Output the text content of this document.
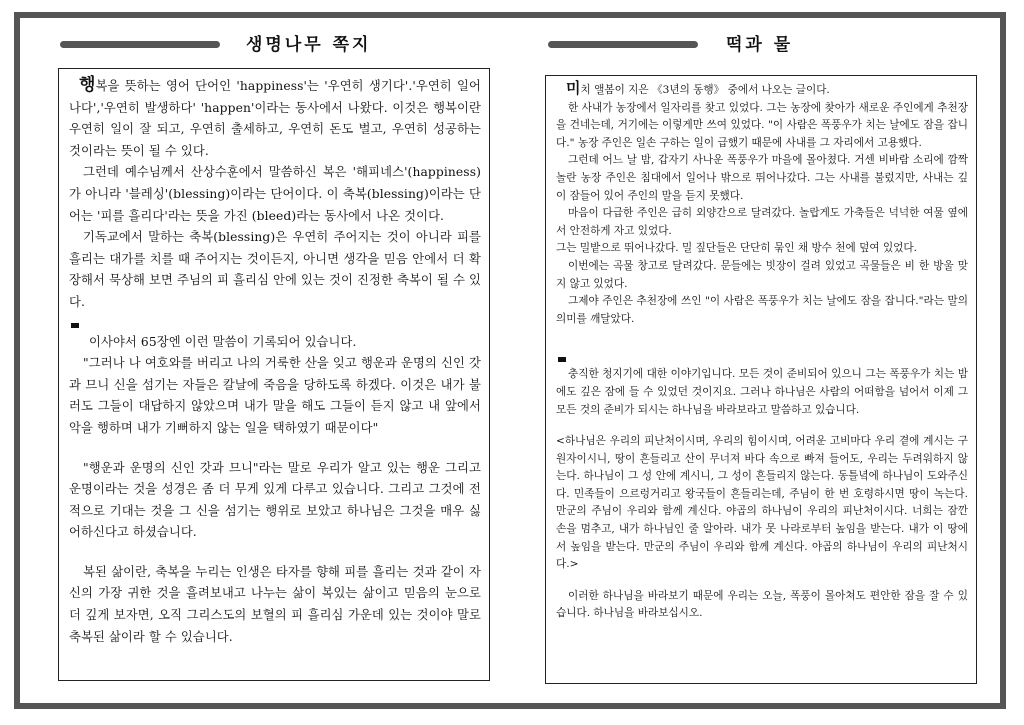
생명나무 쪽지	떡과 물

행복을 뜻하는 영어 단어인 'happiness'는 '우연히 생기다'.'우연히 일어나다','우연히 발생하다' 'happen'이라는 동사에서 나왔다. 이것은 행복이란 우연히 일이 잘 되고, 우연히 출세하고, 우연히 돈도 벌고, 우연히 성공하는 것이라는 뜻이 될 수 있다.

그런데 예수님께서 산상수훈에서 말씀하신 복은 '해피네스'(happiness)가 아니라 '블레싱'(blessing)이라는 단어이다. 이 축복(blessing)이라는 단어는 '피를 흘리다'라는 뜻을 가진 (bleed)라는 동사에서 나온 것이다.

기독교에서 말하는 축복(blessing)은 우연히 주어지는 것이 아니라 피를 흘리는 대가를 치를 때 주어지는 것이든지, 아니면 생각을 믿음 안에서 더 확장해서 묵상해 보면 주님의 피 흘리심 안에 있는 것이 진정한 축복이 될 수 있다.

이사야서 65장엔 이런 말씀이 기록되어 있습니다.

"그러나 나 여호와를 버리고 나의 거룩한 산을 잊고 행운과 운명의 신인 갓과 므니 신을 섬기는 자들은 칼날에 죽음을 당하도록 하겠다. 이것은 내가 불러도 그들이 대답하지 않았으며 내가 말을 해도 그들이 듣지 않고 내 앞에서 악을 행하며 내가 기뻐하지 않는 일을 택하였기 때문이다"

"행운과 운명의 신인 갓과 므니"라는 말로 우리가 알고 있는 행운 그리고 운명이라는 것을 성경은 좀 더 무게 있게 다루고 있습니다. 그리고 그것에 전적으로 기대는 것을 그 신을 섬기는 행위로 보았고 하나님은 그것을 매우 싫어하신다고 하셨습니다.

복된 삶이란, 축복을 누리는 인생은 타자를 향해 피를 흘리는 것과 같이 자신의 가장 귀한 것을 흘려보내고 나누는 삶이 복있는 삶이고 믿음의 눈으로 더 깊게 보자면, 오직 그리스도의 보혈의 피 흘리심 가운데 있는 것이야 말로 축복된 삶이라 할 수 있습니다.

미치 앨봄이 지은 《3년의 동행》 중에서 나오는 글이다.

한 사내가 농장에서 일자리를 찾고 있었다. 그는 농장에 찾아가 새로운 주인에게 추천장을 건네는데, 거기에는 이렇게만 쓰여 있었다. "이 사람은 폭풍우가 치는 날에도 잠을 잡니다." 농장 주인은 일손 구하는 일이 급했기 때문에 사내를 그 자리에서 고용했다.

그런데 어느 날 밤, 갑자기 사나운 폭풍우가 마을에 몰아쳤다. 거센 비바람 소리에 깜짝 놀란 농장 주인은 침대에서 일어나 밖으로 뛰어나갔다. 그는 사내를 불렀지만, 사내는 깊이 잠들어 있어 주인의 말을 듣지 못했다.

마음이 다급한 주인은 급히 외양간으로 달려갔다. 놀랍게도 가축들은 넉넉한 여물 옆에서 안전하게 자고 있었다.

그는 밀밭으로 뛰어나갔다. 밀 짚단들은 단단히 묶인 채 방수 천에 덮여 있었다.

이번에는 곡물 창고로 달려갔다. 문들에는 빗장이 걸려 있었고 곡물들은 비 한 방울 맞지 않고 있었다.

그제야 주인은 추천장에 쓰인 "이 사람은 폭풍우가 치는 날에도 잠을 잡니다."라는 말의 의미를 깨달았다.

충직한 청지기에 대한 이야기입니다. 모든 것이 준비되어 있으니 그는 폭풍우가 치는 밤에도 깊은 잠에 들 수 있었던 것이지요. 그러나 하나님은 사람의 어떠함을 넘어서 이제 그 모든 것의 준비가 되시는 하나님을 바라보라고 말씀하고 있습니다.

<하나님은 우리의 피난처이시며, 우리의 힘이시며, 어려운 고비마다 우리 곁에 계시는 구원자이시니, 땅이 흔들리고 산이 무너져 바다 속으로 빠져 들어도, 우리는 두려워하지 않는다. 하나님이 그 성 안에 계시니, 그 성이 흔들리지 않는다. 동틀녘에 하나님이 도와주신다. 민족들이 으르렁거리고 왕국들이 흔들리는데, 주님이 한 번 호령하시면 땅이 녹는다. 만군의 주님이 우리와 함께 계신다. 야곱의 하나님이 우리의 피난처이시다. 너희는 잠깐 손을 멈추고, 내가 하나님인 줄 알아라. 내가 못 나라로부터 높임을 받는다. 내가 이 땅에서 높임을 받는다. 만군의 주님이 우리와 함께 계신다. 야곱의 하나님이 우리의 피난처시다.>

이러한 하나님을 바라보기 때문에 우리는 오늘, 폭풍이 몰아쳐도 편안한 잠을 잘 수 있습니다. 하나님을 바라보십시오.
